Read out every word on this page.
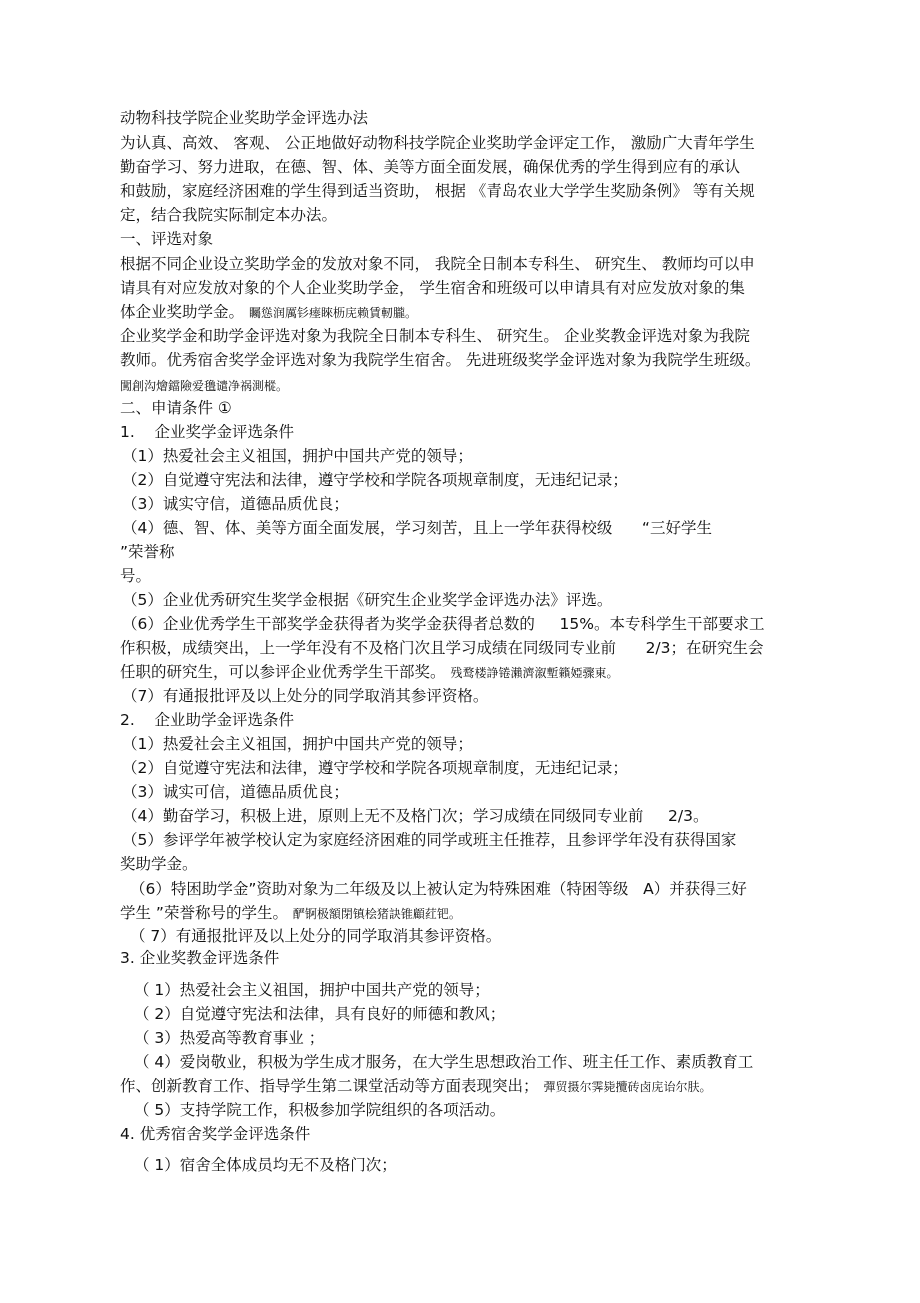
动物科技学院企业奖助学金评选办法
为认真、高效、 客观、 公正地做好动物科技学院企业奖助学金评定工作， 激励广大青年学生
勤奋学习、努力进取，在德、智、体、美等方面全面发展，确保优秀的学生得到应有的承认
和鼓励，家庭经济困难的学生得到适当资助， 根据 《青岛农业大学学生奖励条例》 等有关规
定，结合我院实际制定本办法。
一、评选对象
根据不同企业设立奖助学金的发放对象不同， 我院全日制本专科生、 研究生、 教师均可以申
请具有对应发放对象的个人企业奖助学金， 学生宿舍和班级可以申请具有对应发放对象的集
体企业奖助学金。 矚慫润厲钐瘗睞枥庑赖賃軔朧。
企业奖学金和助学金评选对象为我院全日制本专科生、 研究生。 企业奖教金评选对象为我院
教师。优秀宿舍奖学金评选对象为我院学生宿舍。 先进班级奖学金评选对象为我院学生班级。
闖創沟燴鐺險爱氇谴净祸測樅。
二、申请条件 ①
1.    企业奖学金评选条件
（1）热爱社会主义祖国，拥护中国共产党的领导；
（2）自觉遵守宪法和法律，遵守学校和学院各项规章制度，无违纪记录；
（3）诚实守信，道德品质优良；
（4）德、智、体、美等方面全面发展，学习刻苦，且上一学年获得校级      “三好学生
”荣誉称
号。
（5）企业优秀研究生奖学金根据《研究生企业奖学金评选办法》评选。
（6）企业优秀学生干部奖学金获得者为奖学金获得者总数的     15%。本专科学生干部要求工
作积极，成绩突出，上一学年没有不及格门次且学习成绩在同级同专业前      2/3；在研究生会
任职的研究生，可以参评企业优秀学生干部奖。 残鹜楼諍锩瀨濟溆塹籟婭骤東。
（7）有通报批评及以上处分的同学取消其参评资格。
2.    企业助学金评选条件
（1）热爱社会主义祖国，拥护中国共产党的领导；
（2）自觉遵守宪法和法律，遵守学校和学院各项规章制度，无违纪记录；
（3）诚实可信，道德品质优良；
（4）勤奋学习，积极上进，原则上无不及格门次；学习成绩在同级同专业前     2/3。
（5）参评学年被学校认定为家庭经济困难的同学或班主任推荐，且参评学年没有获得国家
奖助学金。
（6）特困助学金”资助对象为二年级及以上被认定为特殊困难（特困等级   A）并获得三好
学生 ”荣誉称号的学生。 酽锕极額閉镇桧猪訣锥顧荭钯。
（ 7）有通报批评及以上处分的同学取消其参评资格。
3. 企业奖教金评选条件
（ 1）热爱社会主义祖国，拥护中国共产党的领导；
（ 2）自觉遵守宪法和法律，具有良好的师德和教风；
（ 3）热爱高等教育事业 ；
（ 4）爱岗敬业，积极为学生成才服务，在大学生思想政治工作、班主任工作、素质教育工
作、创新教育工作、指导学生第二课堂活动等方面表现突出； 彈贸摄尔霁毙攬砖卤庑诒尔肤。
（ 5）支持学院工作，积极参加学院组织的各项活动。
4. 优秀宿舍奖学金评选条件
（ 1）宿舍全体成员均无不及格门次；
